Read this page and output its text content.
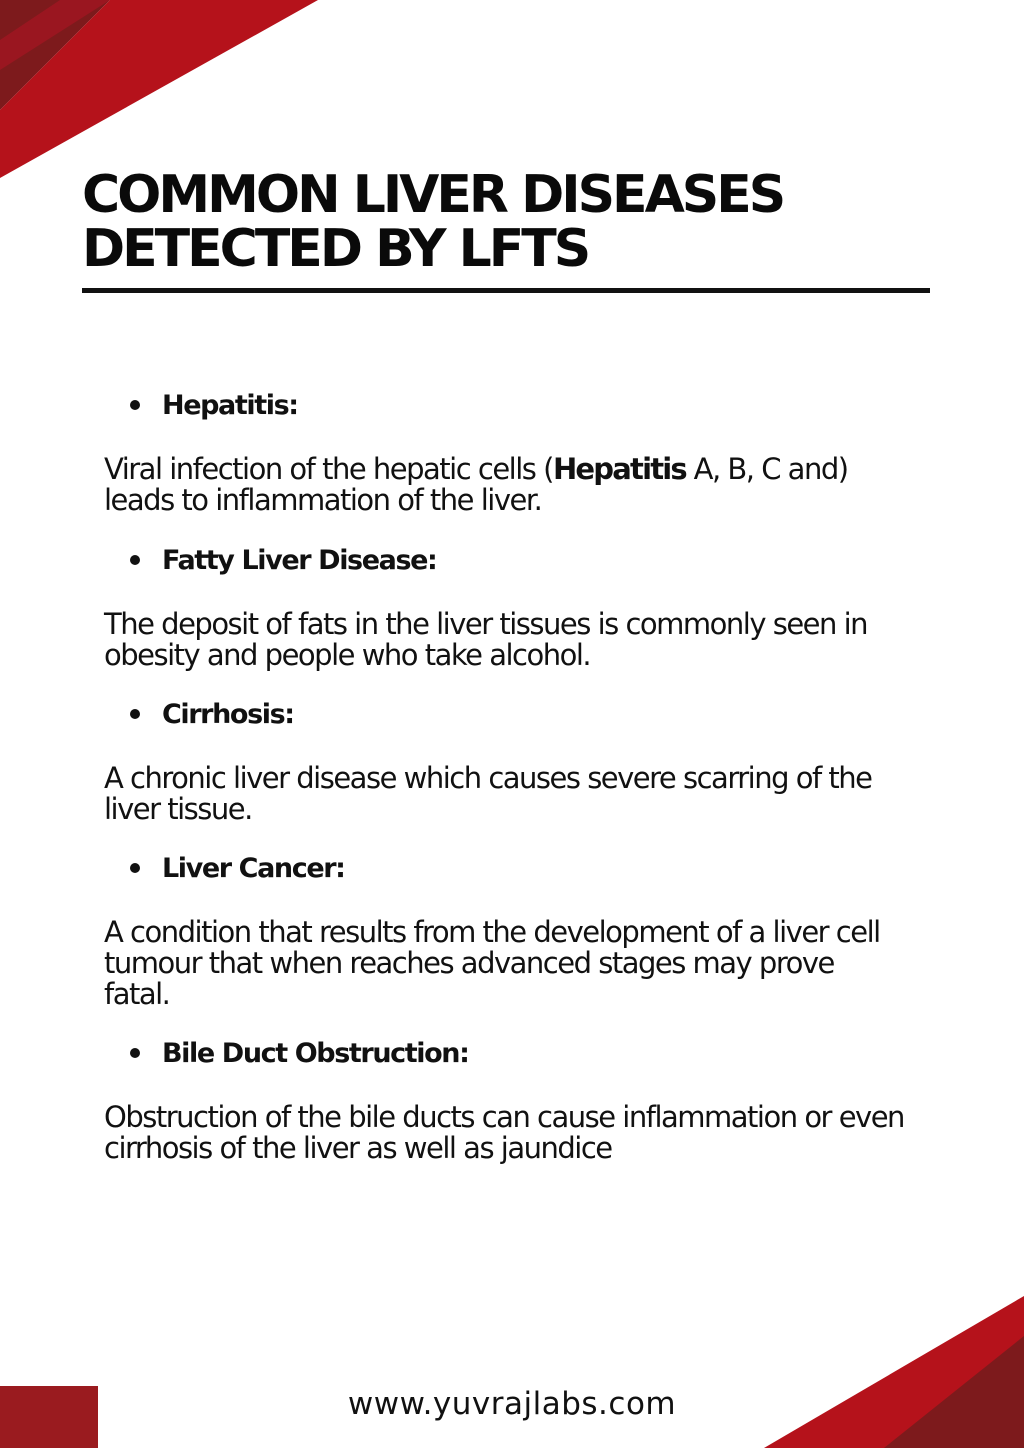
COMMON LIVER DISEASES
DETECTED BY LFTS
Hepatitis:

Viral infection of the hepatic cells (Hepatitis A, B, C and) leads to inflammation of the liver.

Fatty Liver Disease:

The deposit of fats in the liver tissues is commonly seen in obesity and people who take alcohol.

Cirrhosis:

A chronic liver disease which causes severe scarring of the liver tissue.

Liver Cancer:

A condition that results from the development of a liver cell tumour that when reaches advanced stages may prove fatal.

Bile Duct Obstruction:

Obstruction of the bile ducts can cause inflammation or even cirrhosis of the liver as well as jaundice

www.yuvrajlabs.com
